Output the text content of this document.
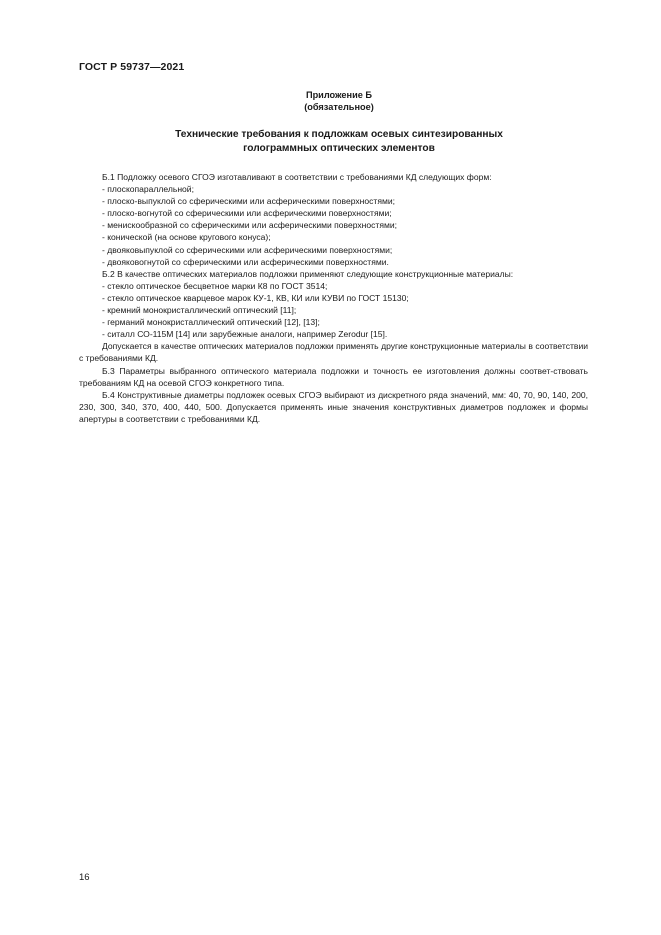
ГОСТ Р 59737—2021
Приложение Б
(обязательное)
Технические требования к подложкам осевых синтезированных
голограммных оптических элементов
Б.1 Подложку осевого СГОЭ изготавливают в соответствии с требованиями КД следующих форм:
- плоскопараллельной;
- плоско-выпуклой со сферическими или асферическими поверхностями;
- плоско-вогнутой со сферическими или асферическими поверхностями;
- менискообразной со сферическими или асферическими поверхностями;
- конической (на основе кругового конуса);
- двояковыпуклой со сферическими или асферическими поверхностями;
- двояковогнутой со сферическими или асферическими поверхностями.
Б.2 В качестве оптических материалов подложки применяют следующие конструкционные материалы:
- стекло оптическое бесцветное марки К8 по ГОСТ 3514;
- стекло оптическое кварцевое марок КУ-1, КВ, КИ или КУВИ по ГОСТ 15130;
- кремний монокристаллический оптический [11];
- германий монокристаллический оптический [12], [13];
- ситалл СО-115М [14] или зарубежные аналоги, например Zerodur [15].
Допускается в качестве оптических материалов подложки применять другие конструкционные материалы в соответствии с требованиями КД.
Б.3 Параметры выбранного оптического материала подложки и точность ее изготовления должны соответ-ствовать требованиям КД на осевой СГОЭ конкретного типа.
Б.4 Конструктивные диаметры подложек осевых СГОЭ выбирают из дискретного ряда значений, мм: 40, 70, 90, 140, 200, 230, 300, 340, 370, 400, 440, 500. Допускается применять иные значения конструктивных диаметров подложек и формы апертуры в соответствии с требованиями КД.
16
